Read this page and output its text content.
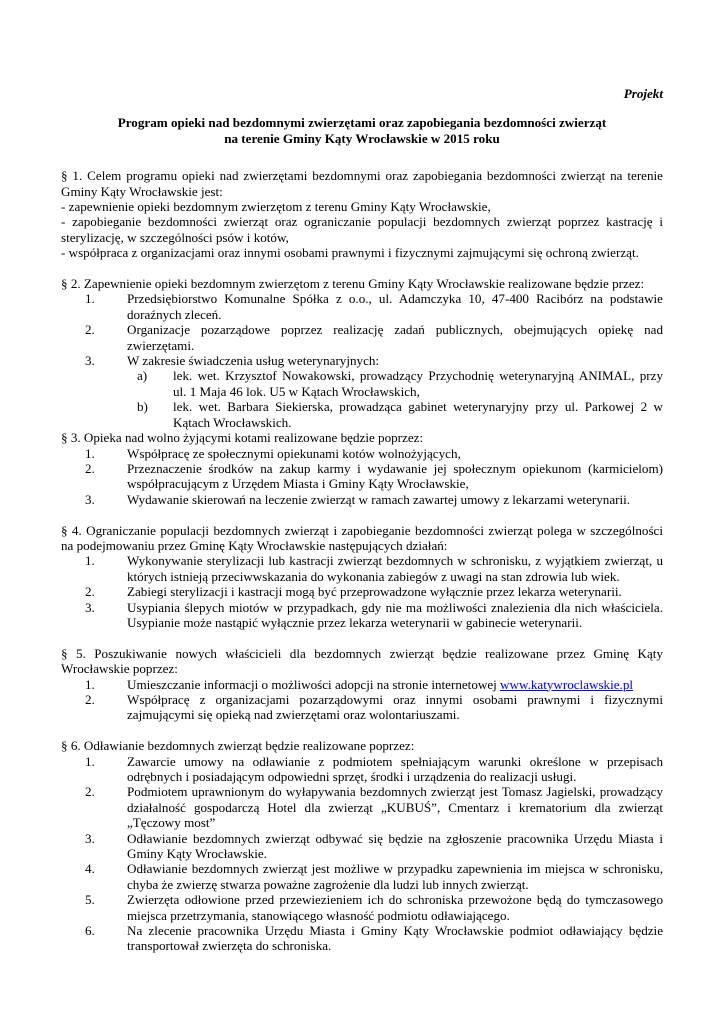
Projekt

Program opieki nad bezdomnymi zwierzętami oraz zapobiegania bezdomności zwierząt
na terenie Gminy Kąty Wrocławskie w 2015 roku

§ 1. Celem programu opieki nad zwierzętami bezdomnymi oraz zapobiegania bezdomności zwierząt na terenie Gminy Kąty Wrocławskie jest:

- zapewnienie opieki bezdomnym zwierzętom z terenu Gminy Kąty Wrocławskie,

- zapobieganie bezdomności zwierząt oraz ograniczanie populacji bezdomnych zwierząt poprzez kastrację i sterylizację, w szczególności psów i kotów,

- współpraca z organizacjami oraz innymi osobami prawnymi i fizycznymi zajmującymi się ochroną zwierząt.

§ 2. Zapewnienie opieki bezdomnym zwierzętom z terenu Gminy Kąty Wrocławskie realizowane będzie przez:

1.	Przedsiębiorstwo Komunalne Spółka z o.o., ul. Adamczyka 10, 47-400 Racibórz na podstawie doraźnych zleceń.
2.	Organizacje pozarządowe poprzez realizację zadań publicznych, obejmujących opiekę nad zwierzętami.
3.	W zakresie świadczenia usług weterynaryjnych:
a)	lek. wet. Krzysztof Nowakowski, prowadzący Przychodnię weterynaryjną ANIMAL, przy ul. 1 Maja 46 lok. U5 w Kątach Wrocławskich,
b)	lek. wet. Barbara Siekierska, prowadząca gabinet weterynaryjny przy ul. Parkowej 2 w Kątach Wrocławskich.

§ 3. Opieka nad wolno żyjącymi kotami realizowane będzie poprzez:

1.	Współpracę ze społecznymi opiekunami kotów wolnożyjących,
2.	Przeznaczenie środków na zakup karmy i wydawanie jej społecznym opiekunom (karmicielom) współpracującym z Urzędem Miasta i Gminy Kąty Wrocławskie,
3.	Wydawanie skierowań na leczenie zwierząt w ramach zawartej umowy z lekarzami weterynarii.

§ 4. Ograniczanie populacji bezdomnych zwierząt i zapobieganie bezdomności zwierząt polega w szczególności na podejmowaniu przez Gminę Kąty Wrocławskie następujących działań:

1.	Wykonywanie sterylizacji lub kastracji zwierząt bezdomnych w schronisku, z wyjątkiem zwierząt, u których istnieją przeciwwskazania do wykonania zabiegów z uwagi na stan zdrowia lub wiek.
2.	Zabiegi sterylizacji i kastracji mogą być przeprowadzone wyłącznie przez lekarza weterynarii.
3.	Usypiania ślepych miotów w przypadkach, gdy nie ma możliwości znalezienia dla nich właściciela. Usypianie może nastąpić wyłącznie przez lekarza weterynarii w gabinecie weterynarii.

§ 5. Poszukiwanie nowych właścicieli dla bezdomnych zwierząt będzie realizowane przez Gminę Kąty Wrocławskie poprzez:

1.	Umieszczanie informacji o możliwości adopcji na stronie internetowej www.katywroclawskie.pl
2.	Współpracę z organizacjami pozarządowymi oraz innymi osobami prawnymi i fizycznymi zajmującymi się opieką nad zwierzętami oraz wolontariuszami.

§ 6. Odławianie bezdomnych zwierząt będzie realizowane poprzez:

1.	Zawarcie umowy na odławianie z podmiotem spełniającym warunki określone w przepisach odrębnych i posiadającym odpowiedni sprzęt, środki i urządzenia do realizacji usługi.
2.	Podmiotem uprawnionym do wyłapywania bezdomnych zwierząt jest Tomasz Jagielski, prowadzący działalność gospodarczą Hotel dla zwierząt „KUBUŚ”, Cmentarz i krematorium dla zwierząt „Tęczowy most”
3.	Odławianie bezdomnych zwierząt odbywać się będzie na zgłoszenie pracownika Urzędu Miasta i Gminy Kąty Wrocławskie.
4.	Odławianie bezdomnych zwierząt jest możliwe w przypadku zapewnienia im miejsca w schronisku, chyba że zwierzę stwarza poważne zagrożenie dla ludzi lub innych zwierząt.
5.	Zwierzęta odłowione przed przewiezieniem ich do schroniska przewożone będą do tymczasowego miejsca przetrzymania, stanowiącego własność podmiotu odławiającego.
6.	Na zlecenie pracownika Urzędu Miasta i Gminy Kąty Wrocławskie podmiot odławiający będzie transportował zwierzęta do schroniska.
